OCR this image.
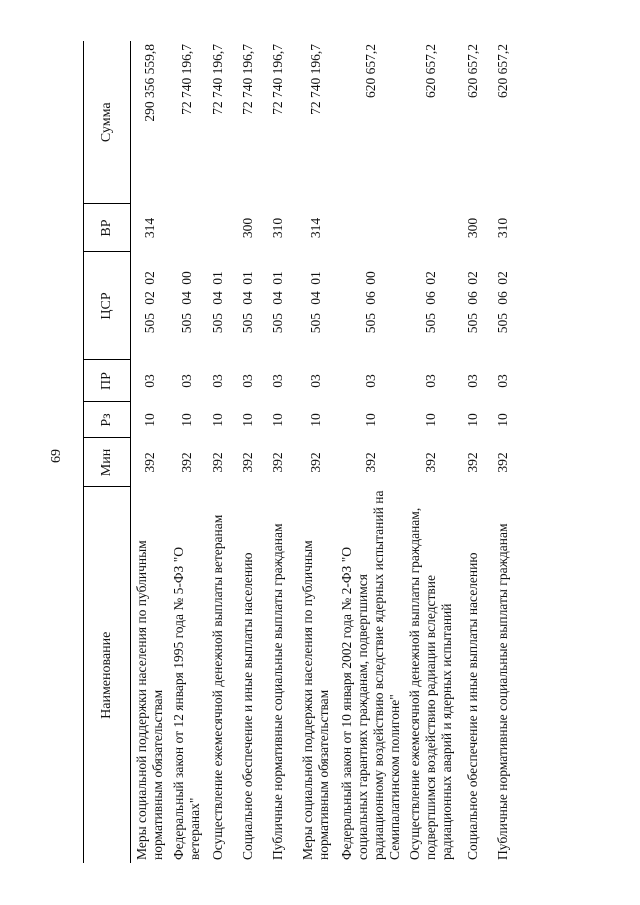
69
Наименование	Мин	Рз	ПР	ЦСР	ВР	Сумма
Меры социальной поддержки населения по публичным нормативным обязательствам	392	10	03	5050202	314	290 356 559,8
Федеральный закон от 12 января 1995 года № 5-ФЗ "О ветеранах"	392	10	03	5050400		72 740 196,7
Осуществление ежемесячной денежной выплаты ветеранам	392	10	03	5050401		72 740 196,7
Социальное обеспечение и иные выплаты населению	392	10	03	5050401	300	72 740 196,7
Публичные нормативные социальные выплаты гражданам	392	10	03	5050401	310	72 740 196,7
Меры социальной поддержки населения по публичным нормативным обязательствам	392	10	03	5050401	314	72 740 196,7
Федеральный закон от 10 января 2002 года № 2-ФЗ "О социальных гарантиях гражданам, подвергшимся радиационному воздействию вследствие ядерных испытаний на Семипалатинском полигоне"	392	10	03	5050600		620 657,2
Осуществление ежемесячной денежной выплаты гражданам, подвергшимся воздействию радиации вследствие радиационных аварий и ядерных испытаний	392	10	03	5050602		620 657,2
Социальное обеспечение и иные выплаты населению	392	10	03	5050602	300	620 657,2
Публичные нормативные социальные выплаты гражданам	392	10	03	5050602	310	620 657,2
